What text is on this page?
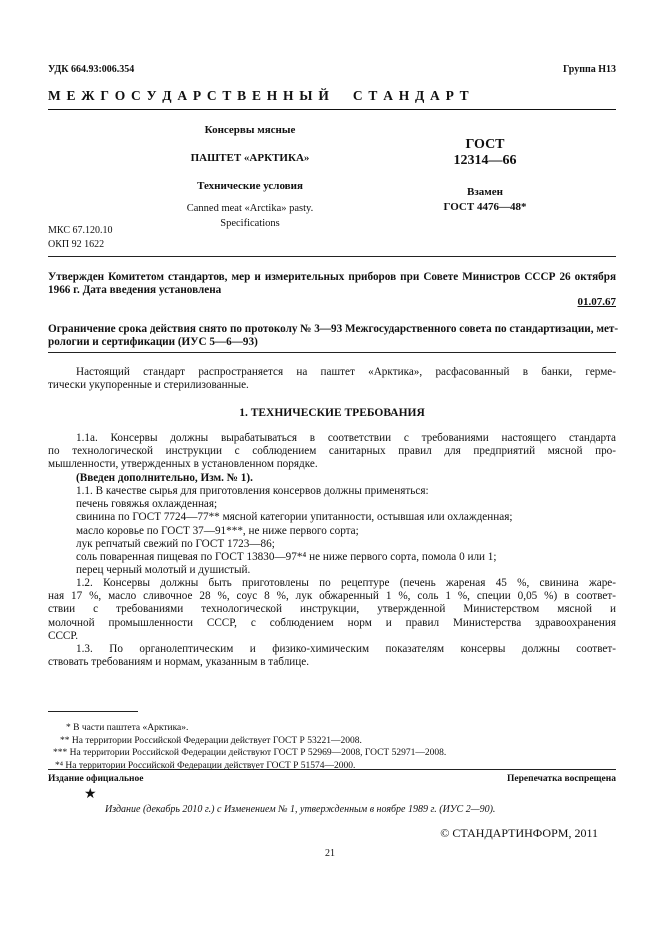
УДК 664.93:006.354	Группа Н13
М Е Ж Г О С У Д А Р С Т В Е Н Н Ы Й     С Т А Н Д А Р Т
Консервы мясные
ПАШТЕТ «АРКТИКА»
Технические условия
Canned meat «Arctika» pasty.
Specifications
ГОСТ
12314—66
Взамен
ГОСТ 4476—48*
МКС 67.120.10
ОКП 92 1622
Утвержден Комитетом стандартов, мер и измерительных приборов при Совете Министров СССР 26 октября
1966 г. Дата введения установлена
01.07.67
Ограничение срока действия снято по протоколу № 3—93 Межгосударственного совета по стандартизации, мет-
рологии и сертификации (ИУС 5—6—93)
Настоящий стандарт распространяется на паштет «Арктика», расфасованный в банки, герме-
тически укупоренные и стерилизованные.
1. ТЕХНИЧЕСКИЕ ТРЕБОВАНИЯ
1.1а. Консервы должны вырабатываться в соответствии с требованиями настоящего стандарта
по технологической инструкции с соблюдением санитарных правил для предприятий мясной про-
мышленности, утвержденных в установленном порядке.
(Введен дополнительно, Изм. № 1).
1.1. В качестве сырья для приготовления консервов должны применяться:
печень говяжья охлажденная;
свинина по ГОСТ 7724—77** мясной категории упитанности, остывшая или охлажденная;
масло коровье по ГОСТ 37—91***, не ниже первого сорта;
лук репчатый свежий по ГОСТ 1723—86;
соль поваренная пищевая по ГОСТ 13830—97*⁴ не ниже первого сорта, помола 0 или 1;
перец черный молотый и душистый.
1.2. Консервы должны быть приготовлены по рецептуре (печень жареная 45 %, свинина жаре-
ная 17 %, масло сливочное 28 %, соус 8 %, лук обжаренный 1 %, соль 1 %, специи 0,05 %) в соответ-
ствии с требованиями технологической инструкции, утвержденной Министерством мясной и
молочной промышленности СССР, с соблюдением норм и правил Министерства здравоохранения
СССР.
1.3. По органолептическим и физико-химическим показателям консервы должны соответ-
ствовать требованиям и нормам, указанным в таблице.
* В части паштета «Арктика».
** На территории Российской Федерации действует ГОСТ Р 53221—2008.
*** На территории Российской Федерации действуют ГОСТ Р 52969—2008, ГОСТ 52971—2008.
*⁴ На территории Российской Федерации действует ГОСТ Р 51574—2000.
Издание официальное	Перепечатка воспрещена
★
Издание (декабрь 2010 г.) с Изменением № 1, утвержденным в ноябре 1989 г. (ИУС 2—90).
© СТАНДАРТИНФОРМ, 2011
21
